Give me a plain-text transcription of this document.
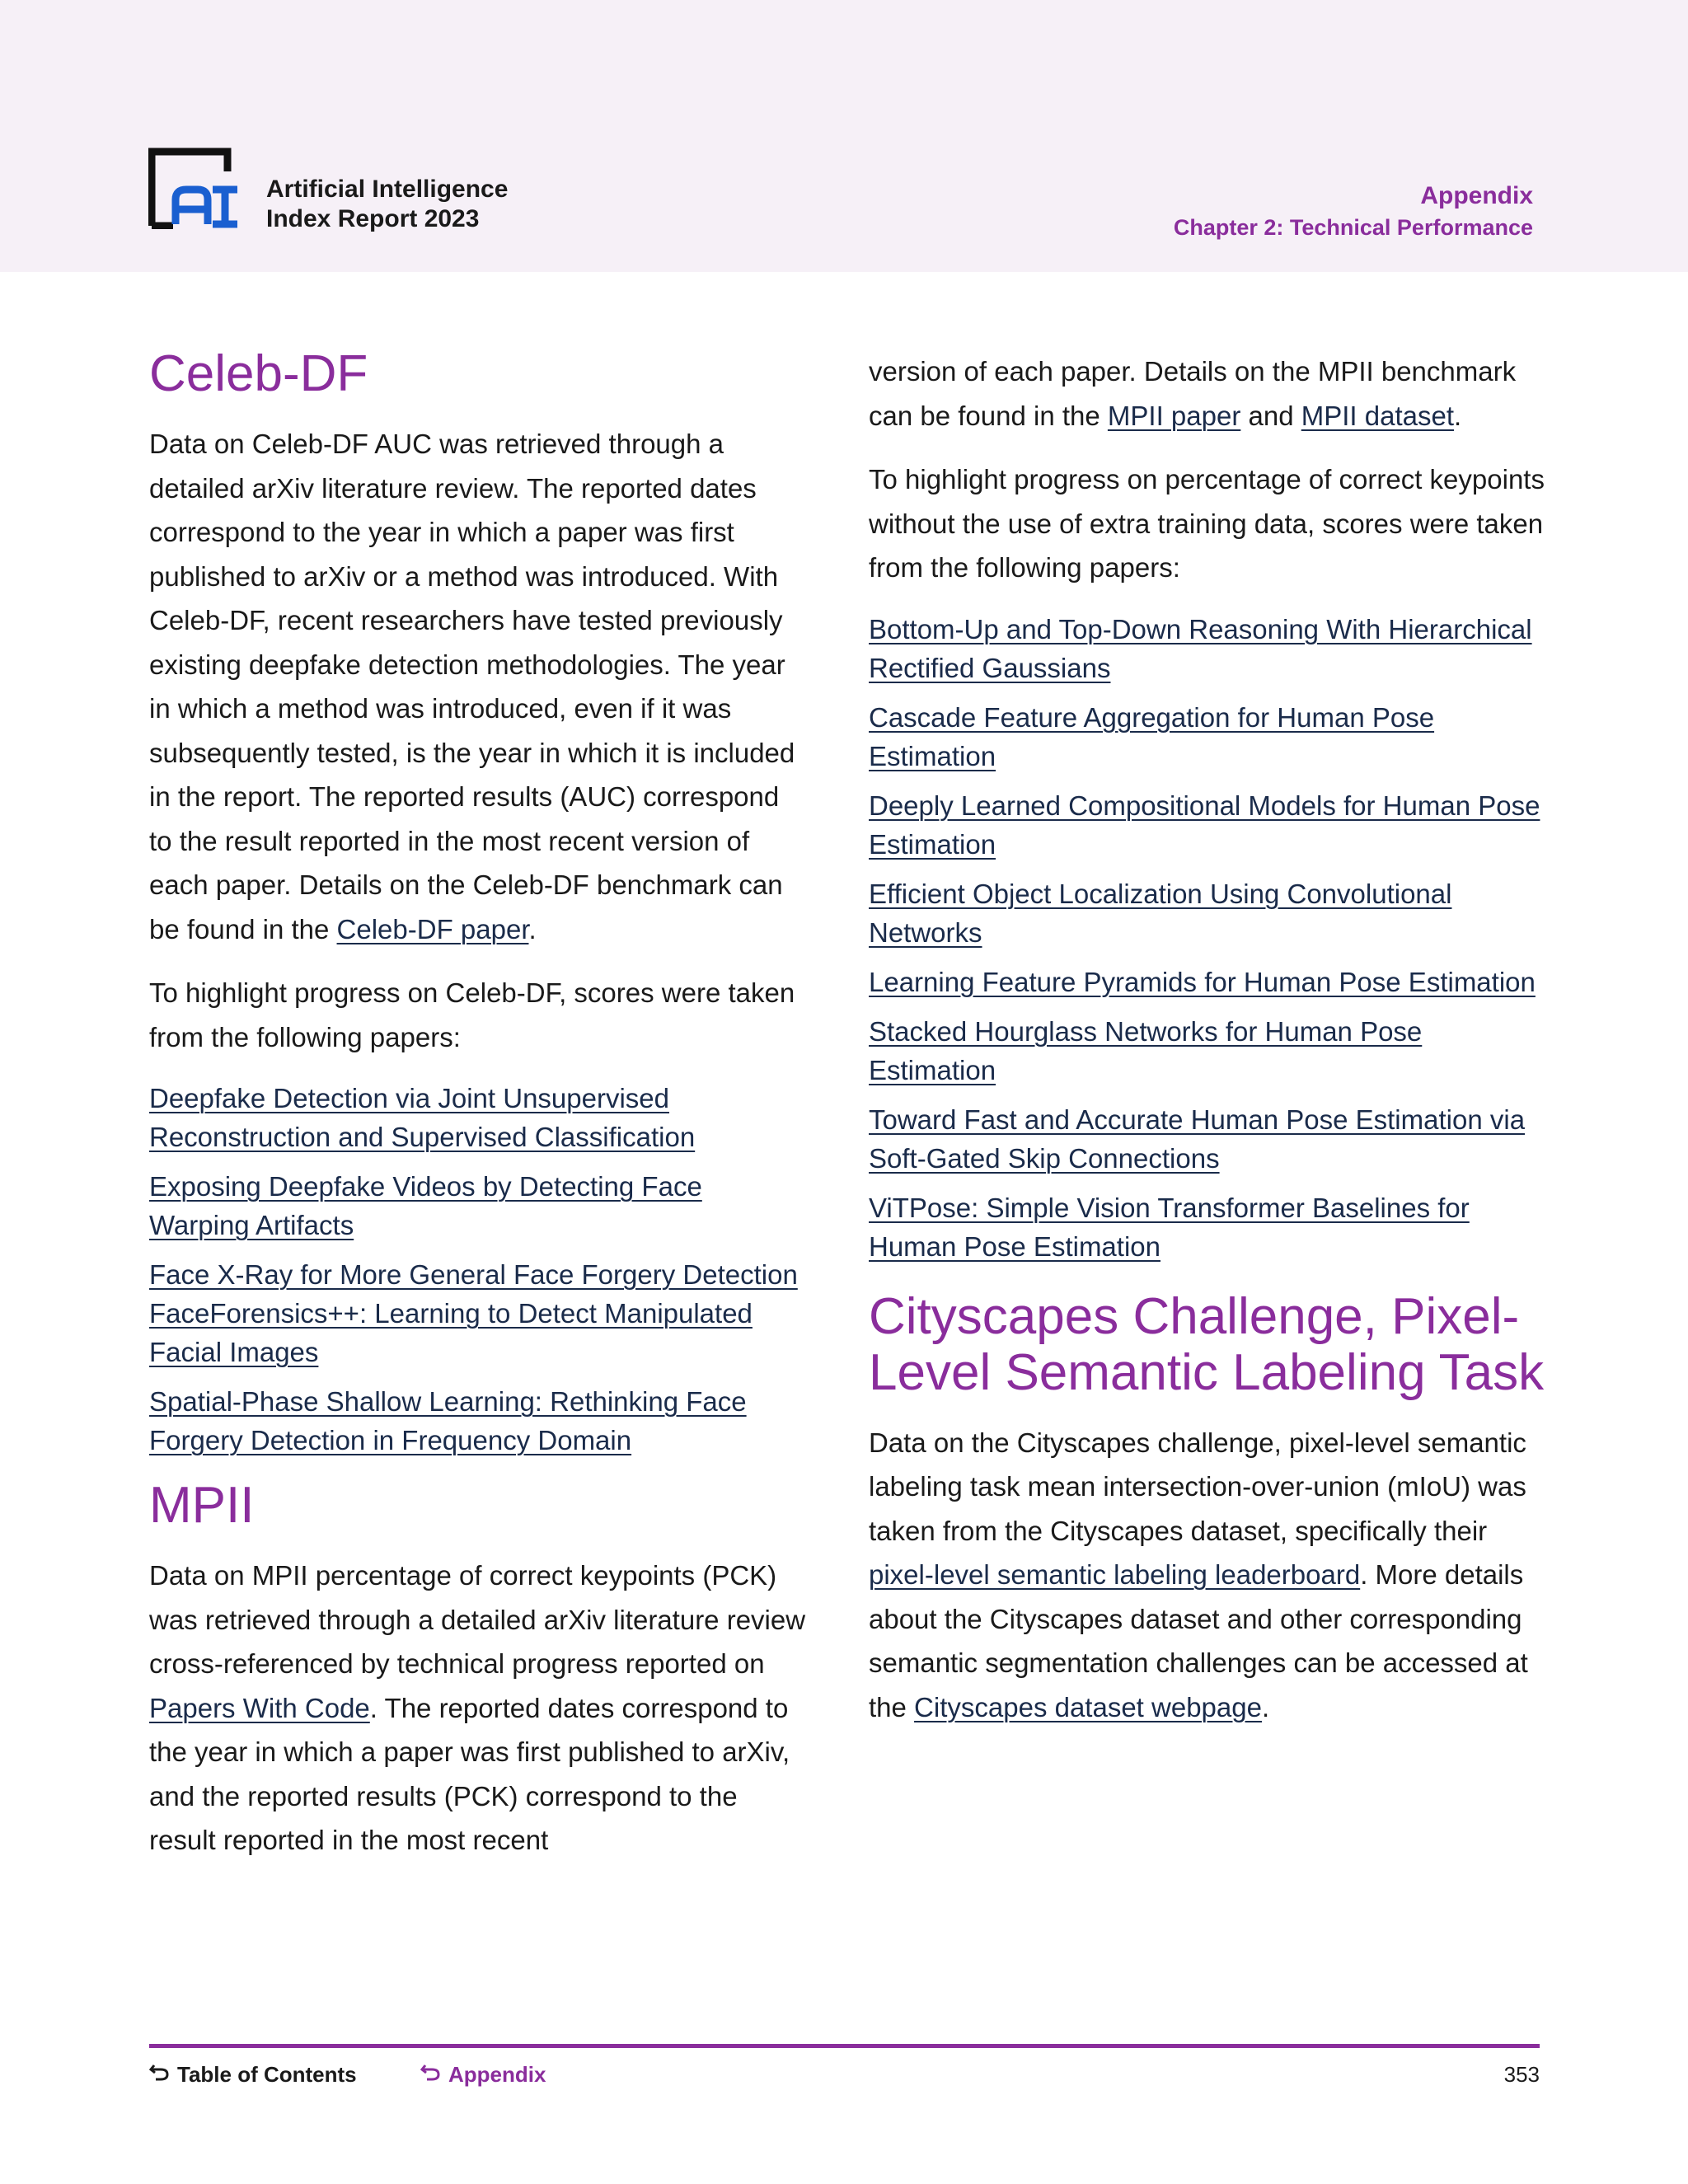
Artificial Intelligence
Index Report 2023
Appendix
Chapter 2: Technical Performance
Celeb-DF

Data on Celeb-DF AUC was retrieved through a detailed arXiv literature review. The reported dates correspond to the year in which a paper was first published to arXiv or a method was introduced. With Celeb-DF, recent researchers have tested previously existing deepfake detection methodologies. The year in which a method was introduced, even if it was subsequently tested, is the year in which it is included in the report. The reported results (AUC) correspond to the result reported in the most recent version of each paper. Details on the Celeb-DF benchmark can be found in the Celeb-DF paper.

To highlight progress on Celeb-DF, scores were taken from the following papers:

Deepfake Detection via Joint Unsupervised Reconstruction and Supervised Classification
Exposing Deepfake Videos by Detecting Face Warping Artifacts
Face X-Ray for More General Face Forgery Detection
FaceForensics++: Learning to Detect Manipulated Facial Images
Spatial-Phase Shallow Learning: Rethinking Face Forgery Detection in Frequency Domain
MPII

Data on MPII percentage of correct keypoints (PCK) was retrieved through a detailed arXiv literature review cross-referenced by technical progress reported on Papers With Code. The reported dates correspond to the year in which a paper was first published to arXiv, and the reported results (PCK) correspond to the result reported in the most recent

version of each paper. Details on the MPII benchmark can be found in the MPII paper and MPII dataset.

To highlight progress on percentage of correct keypoints without the use of extra training data, scores were taken from the following papers:

Bottom-Up and Top-Down Reasoning With Hierarchical Rectified Gaussians
Cascade Feature Aggregation for Human Pose Estimation
Deeply Learned Compositional Models for Human Pose Estimation
Efficient Object Localization Using Convolutional Networks
Learning Feature Pyramids for Human Pose Estimation
Stacked Hourglass Networks for Human Pose Estimation
Toward Fast and Accurate Human Pose Estimation via Soft-Gated Skip Connections
ViTPose: Simple Vision Transformer Baselines for Human Pose Estimation
Cityscapes Challenge, Pixel-Level Semantic Labeling Task

Data on the Cityscapes challenge, pixel-level semantic labeling task mean intersection-over-union (mIoU) was taken from the Cityscapes dataset, specifically their pixel-level semantic labeling leaderboard. More details about the Cityscapes dataset and other corresponding semantic segmentation challenges can be accessed at the Cityscapes dataset webpage.

Table of Contents	Appendix	353
